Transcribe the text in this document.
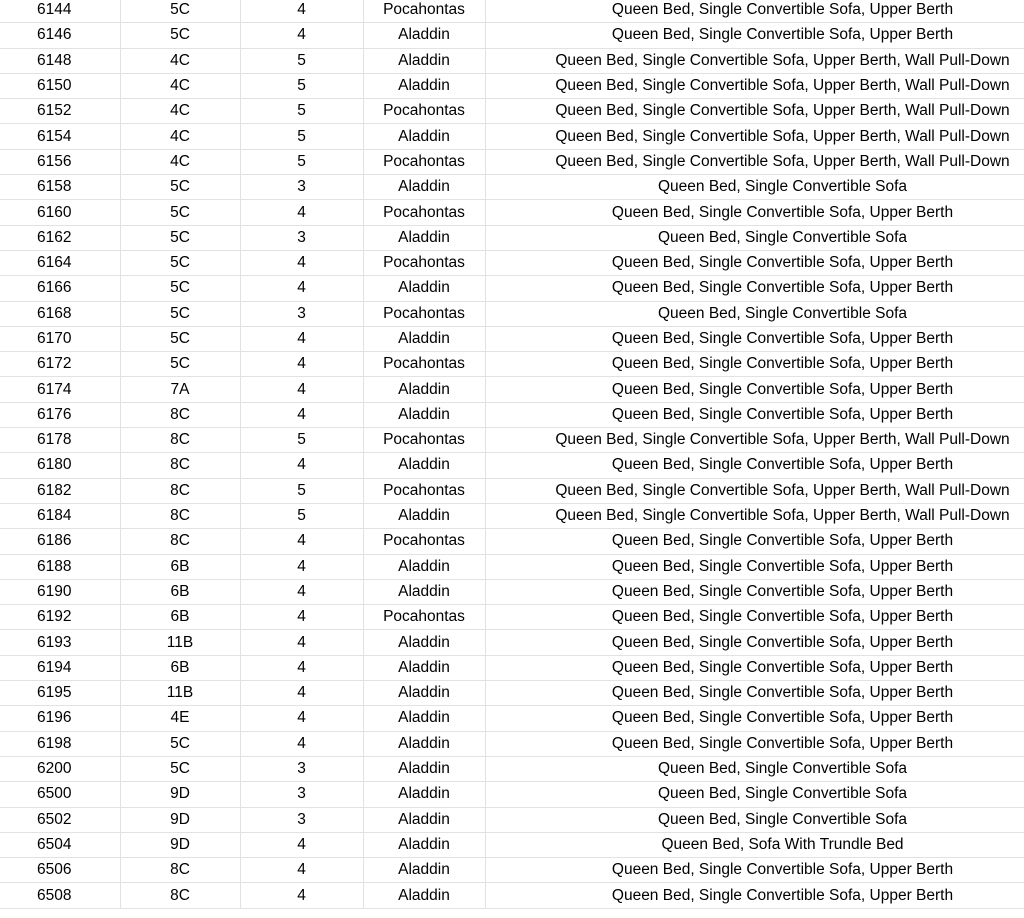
6144	5C	4	Pocahontas	Queen Bed, Single Convertible Sofa, Upper Berth
6146	5C	4	Aladdin	Queen Bed, Single Convertible Sofa, Upper Berth
6148	4C	5	Aladdin	Queen Bed, Single Convertible Sofa, Upper Berth, Wall Pull-Down
6150	4C	5	Aladdin	Queen Bed, Single Convertible Sofa, Upper Berth, Wall Pull-Down
6152	4C	5	Pocahontas	Queen Bed, Single Convertible Sofa, Upper Berth, Wall Pull-Down
6154	4C	5	Aladdin	Queen Bed, Single Convertible Sofa, Upper Berth, Wall Pull-Down
6156	4C	5	Pocahontas	Queen Bed, Single Convertible Sofa, Upper Berth, Wall Pull-Down
6158	5C	3	Aladdin	Queen Bed, Single Convertible Sofa
6160	5C	4	Pocahontas	Queen Bed, Single Convertible Sofa, Upper Berth
6162	5C	3	Aladdin	Queen Bed, Single Convertible Sofa
6164	5C	4	Pocahontas	Queen Bed, Single Convertible Sofa, Upper Berth
6166	5C	4	Aladdin	Queen Bed, Single Convertible Sofa, Upper Berth
6168	5C	3	Pocahontas	Queen Bed, Single Convertible Sofa
6170	5C	4	Aladdin	Queen Bed, Single Convertible Sofa, Upper Berth
6172	5C	4	Pocahontas	Queen Bed, Single Convertible Sofa, Upper Berth
6174	7A	4	Aladdin	Queen Bed, Single Convertible Sofa, Upper Berth
6176	8C	4	Aladdin	Queen Bed, Single Convertible Sofa, Upper Berth
6178	8C	5	Pocahontas	Queen Bed, Single Convertible Sofa, Upper Berth, Wall Pull-Down
6180	8C	4	Aladdin	Queen Bed, Single Convertible Sofa, Upper Berth
6182	8C	5	Pocahontas	Queen Bed, Single Convertible Sofa, Upper Berth, Wall Pull-Down
6184	8C	5	Aladdin	Queen Bed, Single Convertible Sofa, Upper Berth, Wall Pull-Down
6186	8C	4	Pocahontas	Queen Bed, Single Convertible Sofa, Upper Berth
6188	6B	4	Aladdin	Queen Bed, Single Convertible Sofa, Upper Berth
6190	6B	4	Aladdin	Queen Bed, Single Convertible Sofa, Upper Berth
6192	6B	4	Pocahontas	Queen Bed, Single Convertible Sofa, Upper Berth
6193	11B	4	Aladdin	Queen Bed, Single Convertible Sofa, Upper Berth
6194	6B	4	Aladdin	Queen Bed, Single Convertible Sofa, Upper Berth
6195	11B	4	Aladdin	Queen Bed, Single Convertible Sofa, Upper Berth
6196	4E	4	Aladdin	Queen Bed, Single Convertible Sofa, Upper Berth
6198	5C	4	Aladdin	Queen Bed, Single Convertible Sofa, Upper Berth
6200	5C	3	Aladdin	Queen Bed, Single Convertible Sofa
6500	9D	3	Aladdin	Queen Bed, Single Convertible Sofa
6502	9D	3	Aladdin	Queen Bed, Single Convertible Sofa
6504	9D	4	Aladdin	Queen Bed, Sofa With Trundle Bed
6506	8C	4	Aladdin	Queen Bed, Single Convertible Sofa, Upper Berth
6508	8C	4	Aladdin	Queen Bed, Single Convertible Sofa, Upper Berth
